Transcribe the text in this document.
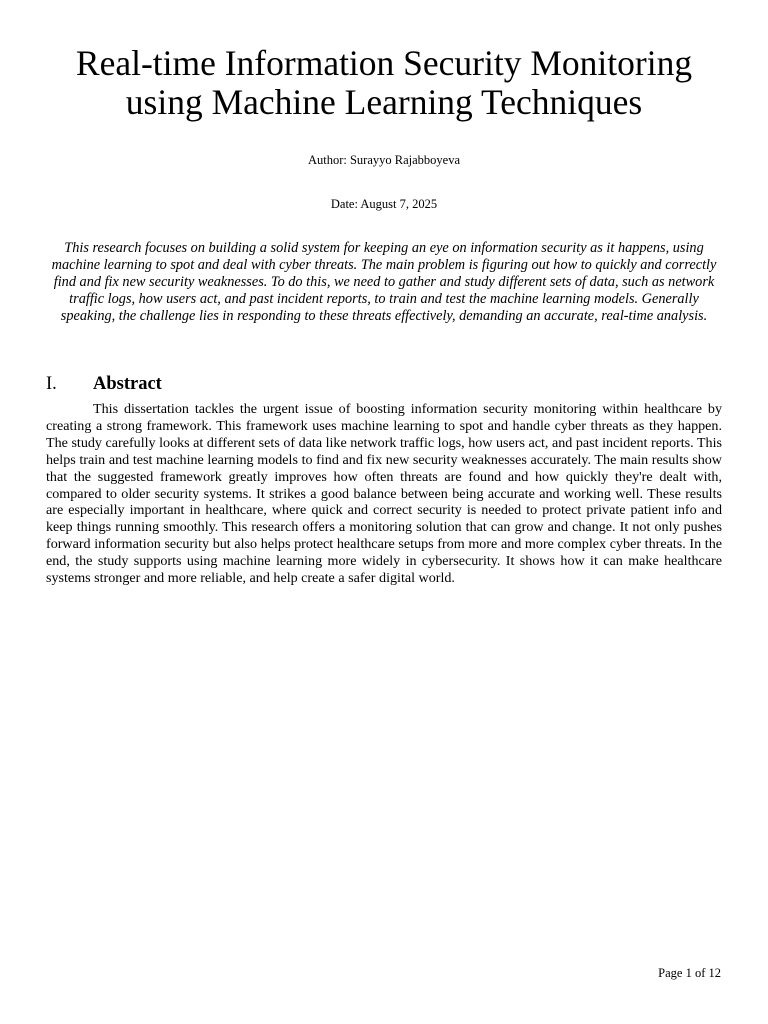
Real-time Information Security Monitoring
using Machine Learning Techniques
Author: Surayyo Rajabboyeva
Date: August 7, 2025

This research focuses on building a solid system for keeping an eye on information security as it happens, using machine learning to spot and deal with cyber threats. The main problem is figuring out how to quickly and correctly find and fix new security weaknesses. To do this, we need to gather and study different sets of data, such as network traffic logs, how users act, and past incident reports, to train and test the machine learning models. Generally speaking, the challenge lies in responding to these threats effectively, demanding an accurate, real-time analysis.

I. Abstract

This dissertation tackles the urgent issue of boosting information security monitoring within healthcare by creating a strong framework. This framework uses machine learning to spot and handle cyber threats as they happen. The study carefully looks at different sets of data like network traffic logs, how users act, and past incident reports. This helps train and test machine learning models to find and fix new security weaknesses accurately. The main results show that the suggested framework greatly improves how often threats are found and how quickly they're dealt with, compared to older security systems. It strikes a good balance between being accurate and working well. These results are especially important in healthcare, where quick and correct security is needed to protect private patient info and keep things running smoothly. This research offers a monitoring solution that can grow and change. It not only pushes forward information security but also helps protect healthcare setups from more and more complex cyber threats. In the end, the study supports using machine learning more widely in cybersecurity. It shows how it can make healthcare systems stronger and more reliable, and help create a safer digital world.

Page 1 of 12
